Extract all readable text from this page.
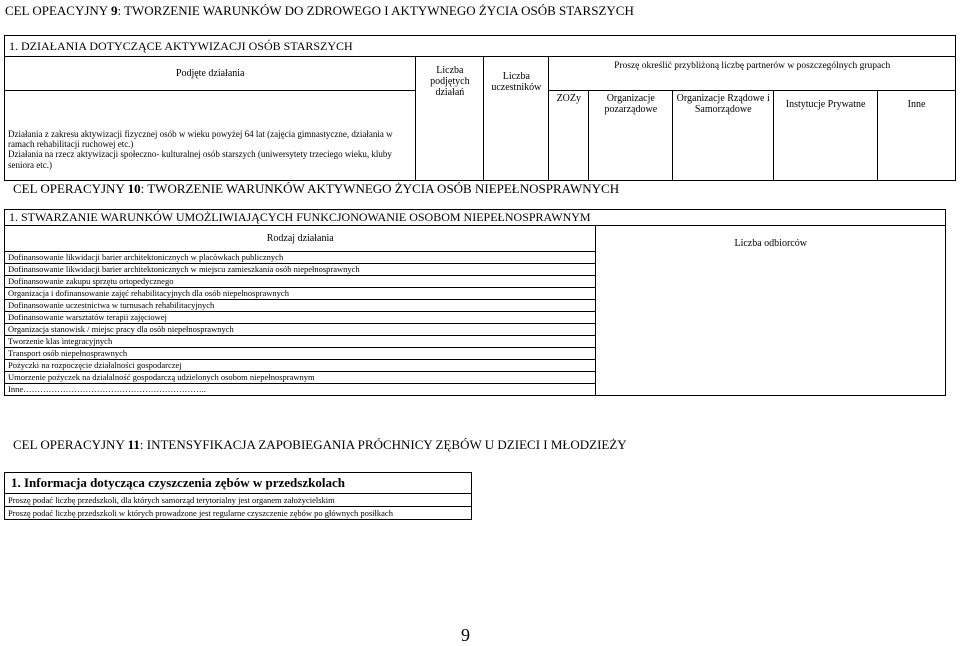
CEL OPEACYJNY 9: TWORZENIE WARUNKÓW DO ZDROWEGO I AKTYWNEGO ŻYCIA OSÓB STARSZYCH
1. DZIAŁANIA DOTYCZĄCE AKTYWIZACJI OSÓB STARSZYCH							
Podjęte działania	Liczba podjętych działań	Liczba uczestników	Proszę określić przybliżoną liczbę partnerów w poszczególnych grupach				
			ZOZy	Organizacje pozarządowe	Organizacje Rządowe i Samorządowe	Instytucje Prywatne	Inne

Działania z zakresu aktywizacji fizycznej osób w wieku powyżej 64 lat (zajęcia gimnastyczne, działania w ramach rehabilitacji ruchowej etc.)
Działania na rzecz aktywizacji społeczno- kulturalnej osób starszych (uniwersytety trzeciego wieku, kluby seniora etc.)							
CEL OPERACYJNY 10: TWORZENIE WARUNKÓW AKTYWNEGO ŻYCIA OSÓB NIEPEŁNOSPRAWNYCH
1. STWARZANIE WARUNKÓW UMOŻLIWIAJĄCYCH FUNKCJONOWANIE OSOBOM NIEPEŁNOSPRAWNYM
Rodzaj działania	Liczba odbiorców
Dofinansowanie likwidacji barier architektonicznych w placówkach publicznych
Dofinansowanie likwidacji barier architektonicznych w miejscu zamieszkania osób niepełnosprawnych
Dofinansowanie zakupu sprzętu ortopedycznego
Organizacja i dofinansowanie zajęć rehabilitacyjnych dla osób niepełnosprawnych
Dofinansowanie uczestnictwa w turnusach rehabilitacyjnych
Dofinansowanie warsztatów terapii zajęciowej
Organizacja stanowisk / miejsc pracy dla osób niepełnosprawnych
Tworzenie klas integracyjnych
Transport osób niepełnosprawnych
Pożyczki na rozpoczęcie działalności gospodarczej
Umorzenie pożyczek na działalność gospodarczą udzielonych osobom niepełnosprawnym
Inne………………………………………………………..
CEL OPERACYJNY 11: INTENSYFIKACJA ZAPOBIEGANIA PRÓCHNICY ZĘBÓW U DZIECI I MŁODZIEŻY
1. Informacja dotycząca czyszczenia zębów w przedszkolach
Proszę podać liczbę przedszkoli, dla których samorząd terytorialny jest organem założycielskim
Proszę podać liczbę przedszkoli w których prowadzone jest regularne czyszczenie zębów po głównych posiłkach
9
